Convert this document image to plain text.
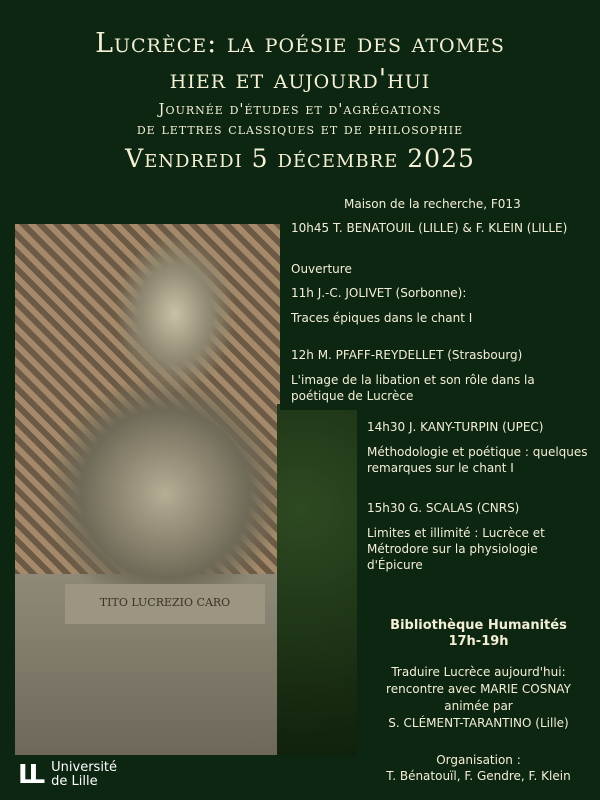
Lucrèce: la poésie des atomes
hier et aujourd'hui
Journée d'études et d'agrégations
de lettres classiques et de philosophie
Vendredi 5 décembre 2025
TITO LUCREZIO CARO
Maison de la recherche, F013
10h45 T. BENATOUIL (LILLE) & F. KLEIN (LILLE)
Ouverture
11h J.-C. JOLIVET (Sorbonne):
Traces épiques dans le chant I
12h M. PFAFF-REYDELLET (Strasbourg)
L'image de la libation et son rôle dans la poétique de Lucrèce
14h30 J. KANY-TURPIN (UPEC)
Méthodologie et poétique : quelques remarques sur le chant I
15h30 G. SCALAS (CNRS)
Limites et illimité : Lucrèce et Métrodore sur la physiologie d'Épicure
Bibliothèque Humanités
17h-19h
Traduire Lucrèce aujourd'hui:
rencontre avec MARIE COSNAY
animée par
S. CLÉMENT-TARANTINO (Lille)
Organisation :
T. Bénatouïl, F. Gendre, F. Klein
LL Université
de Lille
